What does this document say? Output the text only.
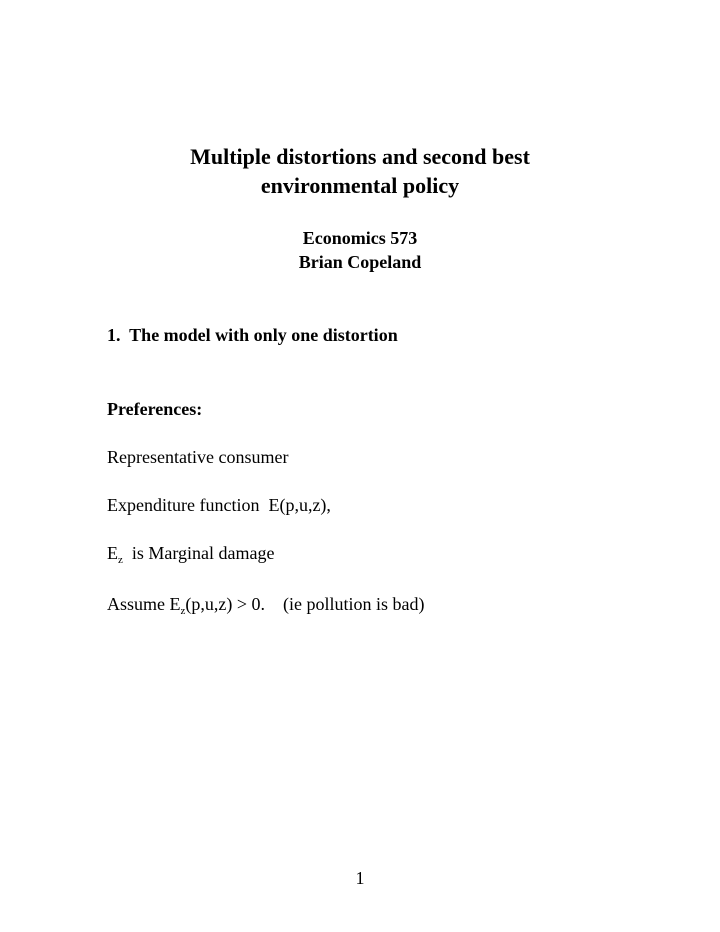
Multiple distortions and second best
environmental policy
Economics 573
Brian Copeland
1.  The model with only one distortion
Preferences:
Representative consumer
Expenditure function  E(p,u,z),
$E_z$  is Marginal damage
Assume $E_z(p,u,z) > 0$.    (ie pollution is bad)
1
